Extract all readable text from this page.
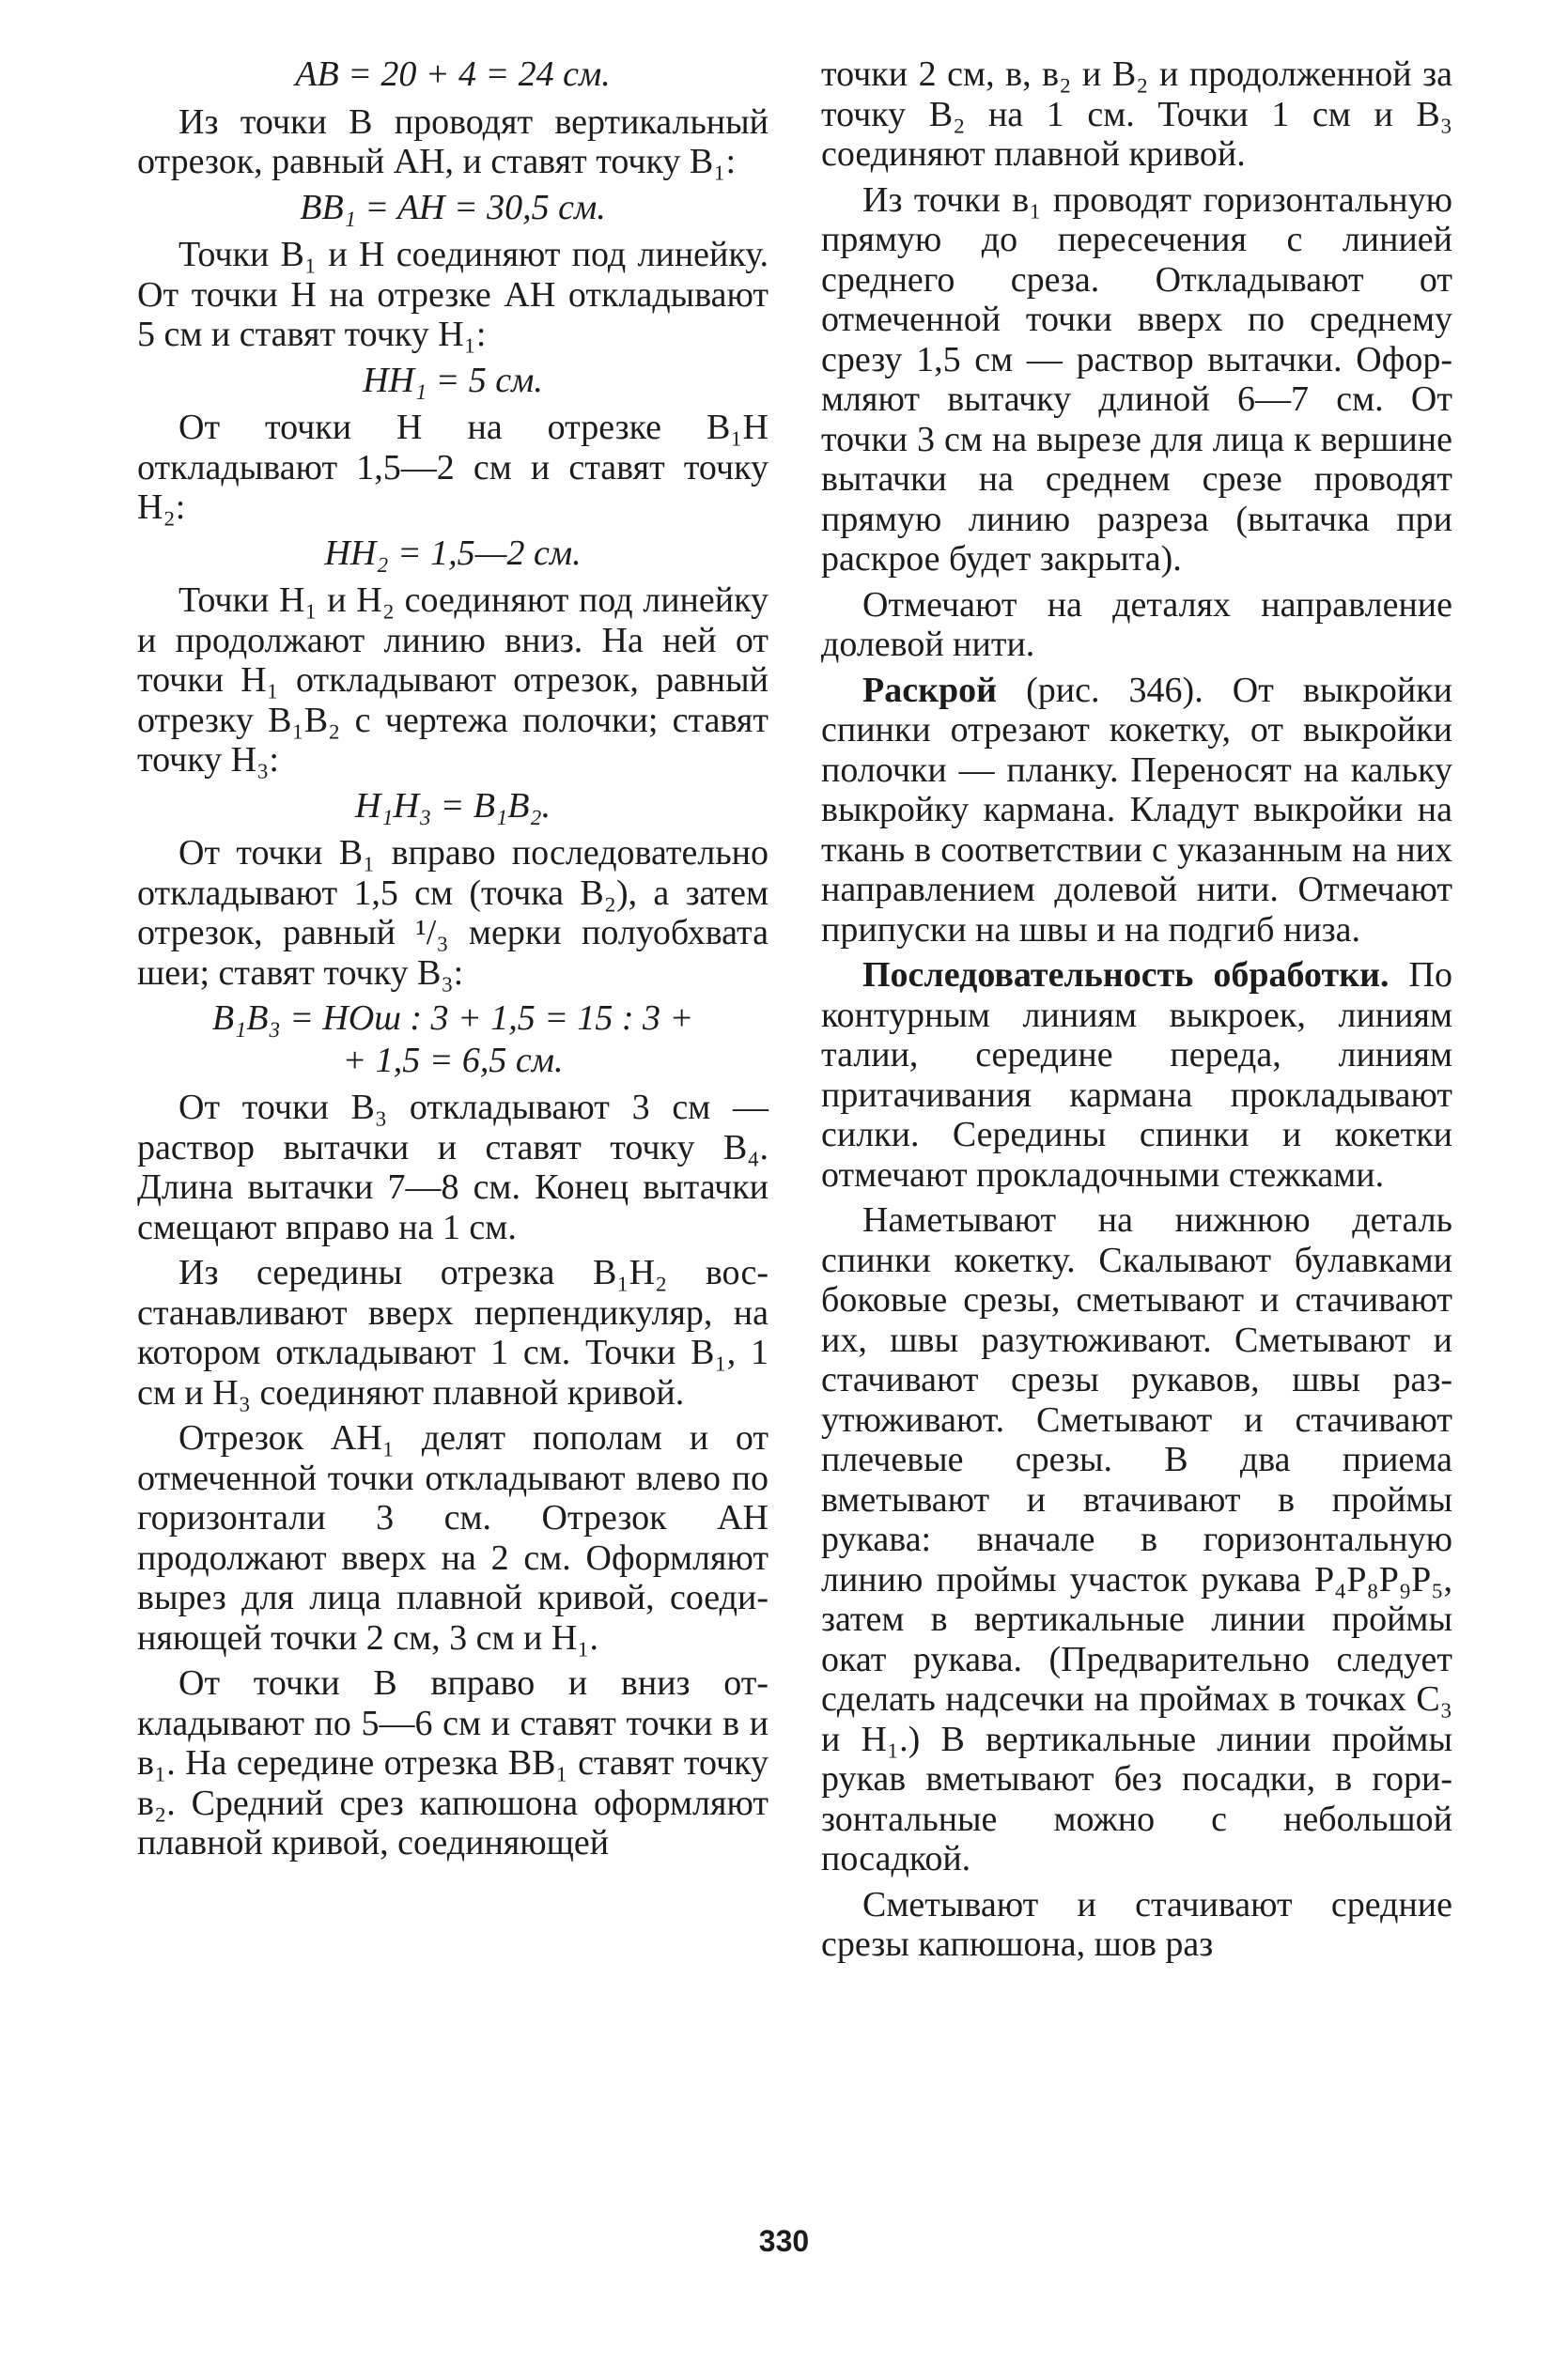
AB = 20 + 4 = 24 см.
Из точки B проводят вертикальный отрезок, равный AH, и ставят точку B₁:
BB₁ = AH = 30,5 см.
Точки B₁ и H соединяют под линейку. От точки H на отрезке AH откладывают 5 см и ставят точку H₁:
HH₁ = 5 см.
От точки H на отрезке B₁H откладывают 1,5—2 см и ставят точку H₂:
HH₂ = 1,5—2 см.
Точки H₁ и H₂ соединяют под линейку и продолжают линию вниз. На ней от точки H₁ откладывают отрезок, равный отрезку B₁B₂ с чертежа полочки; ставят точку H₃:
H₁H₃ = B₁B₂.
От точки B₁ вправо последовательно откладывают 1,5 см (точка B₂), а затем отрезок, равный ¹/₃ мерки полуобхвата шеи; ставят точку B₃:
B₁B₃ = HОш : 3 + 1,5 = 15 : 3 +
+ 1,5 = 6,5 см.
От точки B₃ откладывают 3 см — раствор вытачки и ставят точку B₄. Длина вытачки 7—8 см. Конец вытачки смещают вправо на 1 см.
Из середины отрезка B₁H₂ восстанавливают вверх перпендикуляр, на котором откладывают 1 см. Точки B₁, 1 см и H₃ соединяют плавной кривой.
Отрезок AH₁ делят пополам и от отмеченной точки откладывают влево по горизонтали 3 см. Отрезок AH продолжают вверх на 2 см. Оформляют вырез для лица плавной кривой, соединяющей точки 2 см, 3 см и H₁.
От точки B вправо и вниз откладывают по 5—6 см и ставят точки в и в₁. На середине отрезка BB₁ ставят точку в₂. Средний срез капюшона оформляют плавной кривой, соединяющей
точки 2 см, в, в₂ и B₂ и продолженной за точку B₂ на 1 см. Точки 1 см и B₃ соединяют плавной кривой.
Из точки в₁ проводят горизонтальную прямую до пересечения с линией среднего среза. Откладывают от отмеченной точки вверх по среднему срезу 1,5 см — раствор вытачки. Оформляют вытачку длиной 6—7 см. От точки 3 см на вырезе для лица к вершине вытачки на среднем срезе проводят прямую линию разреза (вытачка при раскрое будет закрыта).
Отмечают на деталях направление долевой нити.
Раскрой (рис. 346). От выкройки спинки отрезают кокетку, от выкройки полочки — планку. Переносят на кальку выкройку кармана. Кладут выкройки на ткань в соответствии с указанным на них направлением долевой нити. Отмечают припуски на швы и на подгиб низа.
Последовательность обработки. По контурным линиям выкроек, линиям талии, середине переда, линиям притачивания кармана прокладывают силки. Середины спинки и кокетки отмечают прокладочными стежками.
Наметывают на нижнюю деталь спинки кокетку. Скалывают булавками боковые срезы, сметывают и стачивают их, швы разутюживают. Сметывают и стачивают срезы рукавов, швы разутюживают. Сметывают и стачивают плечевые срезы. В два приема вметывают и втачивают в проймы рукава: вначале в горизонтальную линию проймы участок рукава P₄P₈P₉P₅, затем в вертикальные линии проймы окат рукава. (Предварительно следует сделать надсечки на проймах в точках C₃ и H₁.) В вертикальные линии проймы рукав вметывают без посадки, в горизонтальные можно с небольшой посадкой.
Сметывают и стачивают средние срезы капюшона, шов раз
330
